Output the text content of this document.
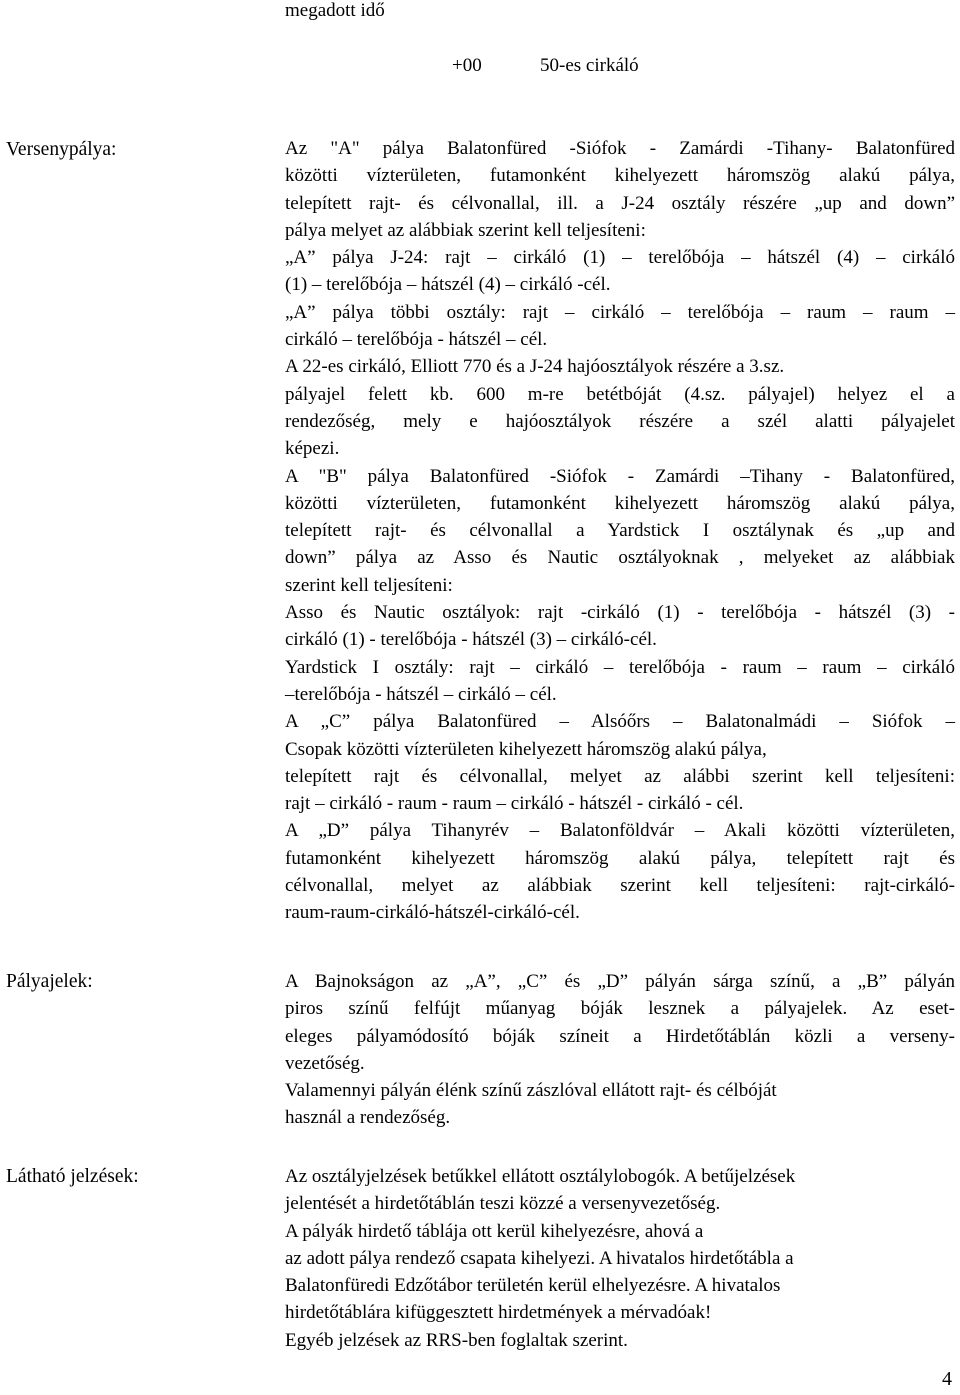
megadott idő
+00	50-es cirkáló
Versenypálya:	Az "A" pálya Balatonfüred -Siófok - Zamárdi -Tihany- Balatonfüred
közötti vízterületen, futamonként kihelyezett háromszög alakú pálya,
telepített rajt- és célvonallal, ill. a J-24 osztály részére „up and down”
pálya melyet az alábbiak szerint kell teljesíteni:
„A” pálya J-24: rajt – cirkáló (1) – terelőbója – hátszél (4) – cirkáló
(1) – terelőbója – hátszél (4) – cirkáló -cél.
„A” pálya többi osztály: rajt – cirkáló – terelőbója – raum – raum –
cirkáló – terelőbója - hátszél – cél.
A 22-es cirkáló, Elliott 770 és a J-24 hajóosztályok részére a 3.sz.
pályajel felett kb. 600 m-re betétbóját (4.sz. pályajel) helyez el a
rendezőség, mely e hajóosztályok részére a szél alatti pályajelet
képezi.
A "B" pálya Balatonfüred -Siófok - Zamárdi –Tihany - Balatonfüred,
közötti vízterületen, futamonként kihelyezett háromszög alakú pálya,
telepített rajt- és célvonallal a Yardstick I osztálynak és „up and
down” pálya az Asso és Nautic osztályoknak , melyeket az alábbiak
szerint kell teljesíteni:
Asso és Nautic osztályok: rajt -cirkáló (1) - terelőbója - hátszél (3) -
cirkáló (1) - terelőbója - hátszél (3) – cirkáló-cél.
Yardstick I osztály: rajt – cirkáló – terelőbója - raum – raum – cirkáló
–terelőbója - hátszél – cirkáló – cél.
A „C” pálya Balatonfüred – Alsóőrs – Balatonalmádi – Siófok –
Csopak közötti vízterületen kihelyezett háromszög alakú pálya,
telepített rajt és célvonallal, melyet az alábbi szerint kell teljesíteni:
rajt – cirkáló - raum - raum – cirkáló - hátszél - cirkáló - cél.
A „D” pálya Tihanyrév – Balatonföldvár – Akali közötti vízterületen,
futamonként kihelyezett háromszög alakú pálya, telepített rajt és
célvonallal, melyet az alábbiak szerint kell teljesíteni: rajt-cirkáló-
raum-raum-cirkáló-hátszél-cirkáló-cél.
Pályajelek:	A Bajnokságon az „A”, „C” és „D” pályán sárga színű, a „B” pályán
piros színű felfújt műanyag bóják lesznek a pályajelek. Az eset-
eleges pályamódosító bóják színeit a Hirdetőtáblán közli a verseny-
vezetőség.
Valamennyi pályán élénk színű zászlóval ellátott rajt- és célbóját
használ a rendezőség.
Látható jelzések:	Az osztályjelzések betűkkel ellátott osztálylobogók. A betűjelzések
jelentését a hirdetőtáblán teszi közzé a versenyvezetőség.
A pályák hirdető táblája ott kerül kihelyezésre, ahová a
az adott pálya rendező csapata kihelyezi. A hivatalos hirdetőtábla a
Balatonfüredi Edzőtábor területén kerül elhelyezésre. A hivatalos
hirdetőtáblára kifüggesztett hirdetmények a mérvadóak!
Egyéb jelzések az RRS-ben foglaltak szerint.
4
